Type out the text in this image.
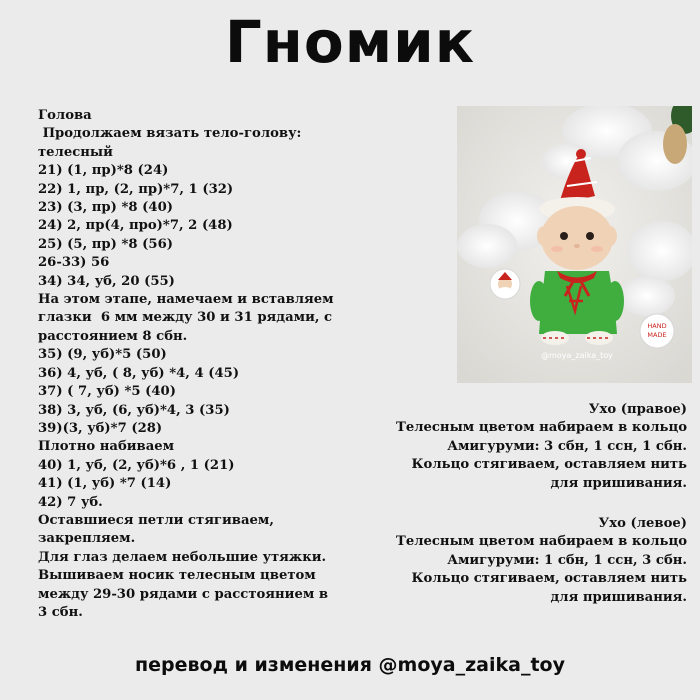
Гномик
Голова
Продолжаем вязать тело-голову:
телесный
21) (1, пр)*8 (24)
22) 1, пр, (2, пр)*7, 1 (32)
23) (3, пр) *8 (40)
24) 2, пр(4, про)*7, 2 (48)
25) (5, пр) *8 (56)
26-33) 56
34) 34, уб, 20 (55)
На этом этапе, намечаем и вставляем
глазки  6 мм между 30 и 31 рядами, с
расстоянием 8 сбн.
35) (9, уб)*5 (50)
36) 4, уб, ( 8, уб) *4, 4 (45)
37) ( 7, уб) *5 (40)
38) 3, уб, (6, уб)*4, 3 (35)
39)(3, уб)*7 (28)
Плотно набиваем
40) 1, уб, (2, уб)*6 , 1 (21)
41) (1, уб) *7 (14)
42) 7 уб.
Оставшиеся петли стягиваем,
закрепляем.
Для глаз делаем небольшие утяжки.
Вышиваем носик телесным цветом
между 29-30 рядами с расстоянием в
3 сбн.
HAND
MADE
@moya_zaika_toy
Ухо (правое)
Телесным цветом набираем в кольцо
Амигуруми: 3 сбн, 1 ссн, 1 сбн.
Кольцо стягиваем, оставляем нить
для пришивания.
Ухо (левое)
Телесным цветом набираем в кольцо
Амигуруми: 1 сбн, 1 ссн, 3 сбн.
Кольцо стягиваем, оставляем нить
для пришивания.
перевод и изменения @moya_zaika_toy
